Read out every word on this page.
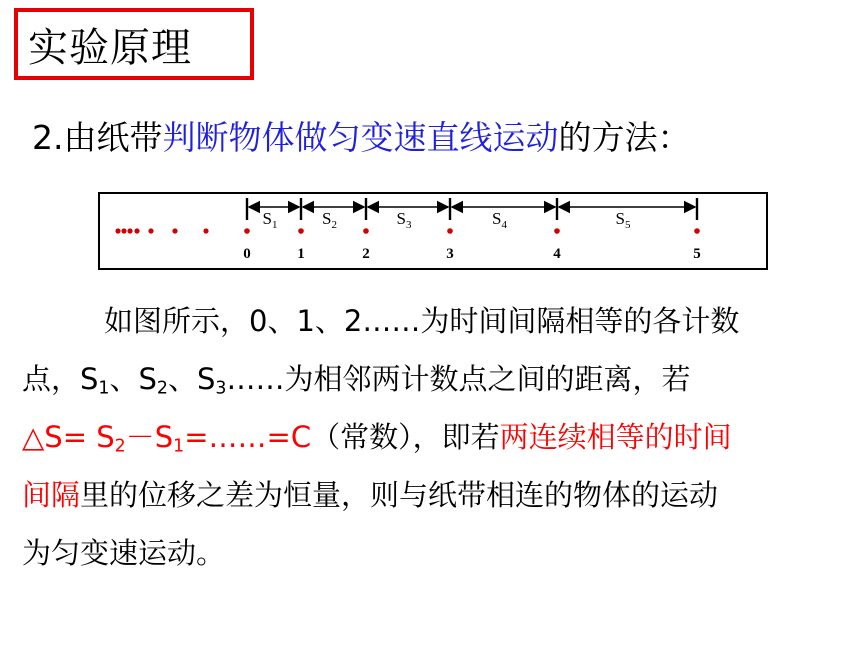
实验原理
2.由纸带判断物体做匀变速直线运动的方法：
0	1	2	3	4	5
$S_1$	$S_2$	$S_3$	$S_4$	$S_5$
如图所示，0、1、2……为时间间隔相等的各计数
点，$S_1$、$S_2$、$S_3\dots\dots$为相邻两计数点之间的距离，若
△S= $S_2-S_1=\dots\dots=C$（常数），即若两连续相等的时间
间隔里的位移之差为恒量，则与纸带相连的物体的运动
为匀变速运动。
